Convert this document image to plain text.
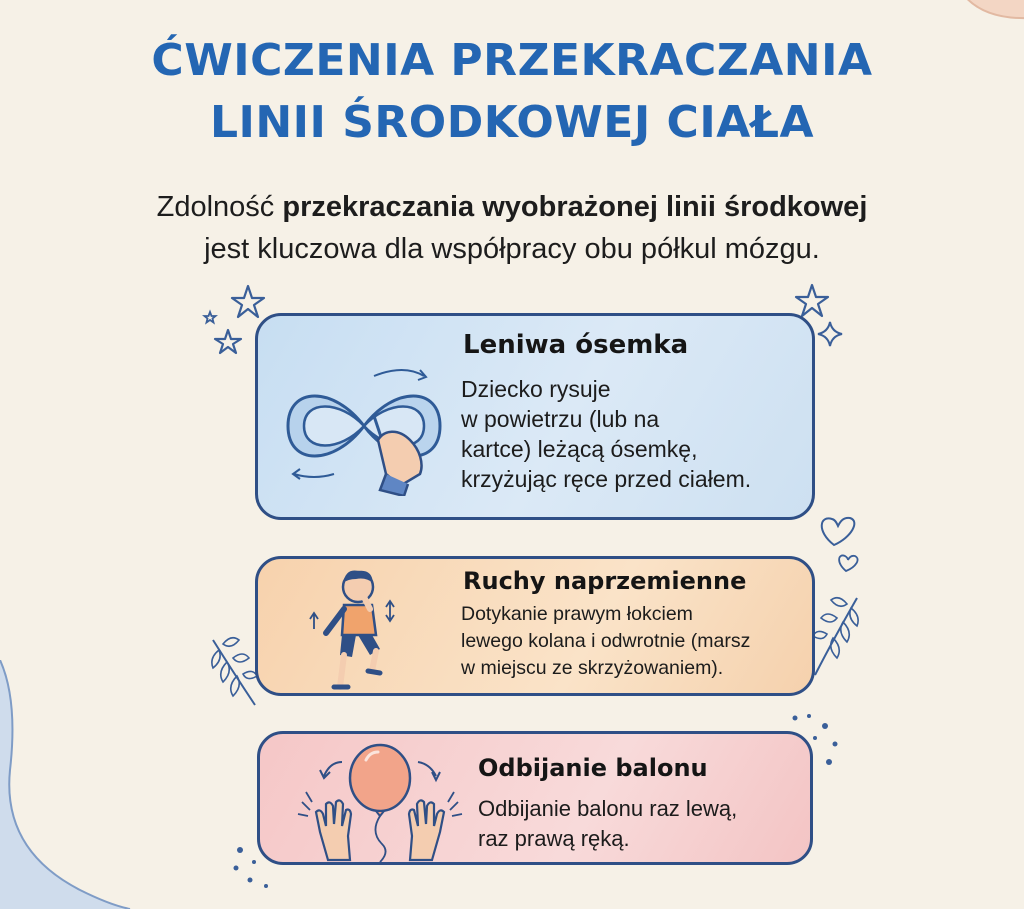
ĆWICZENIA PRZEKRACZANIA
LINII ŚRODKOWEJ CIAŁA
Zdolność przekraczania wyobrażonej linii środkowej
jest kluczowa dla współpracy obu półkul mózgu.
Leniwa ósemka

Dziecko rysuje
w powietrzu (lub na
kartce) leżącą ósemkę,
krzyżując ręce przed ciałem.

Ruchy naprzemienne

Dotykanie prawym łokciem
lewego kolana i odwrotnie (marsz
w miejscu ze skrzyżowaniem).

Odbijanie balonu

Odbijanie balonu raz lewą,
raz prawą ręką.
